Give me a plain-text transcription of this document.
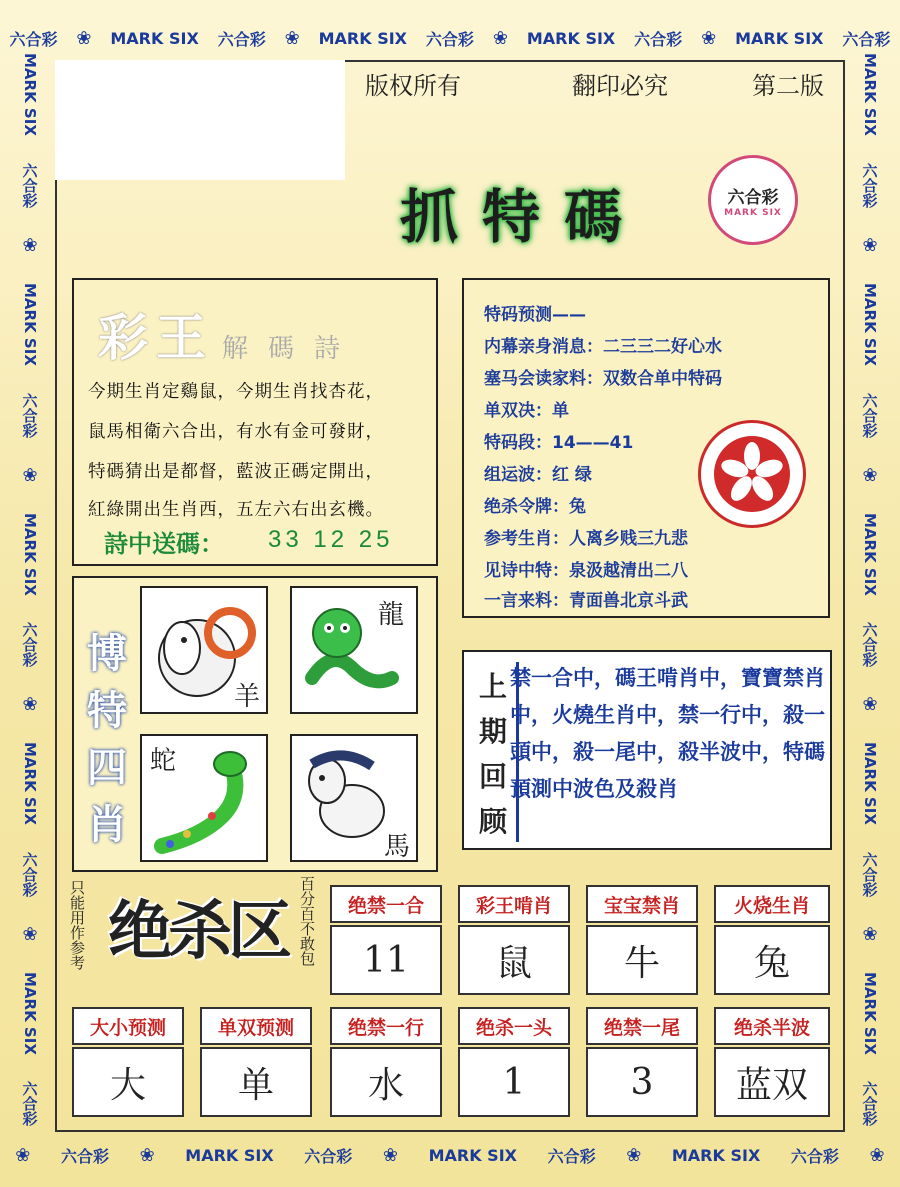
六合彩 ❀ MARK SIX 六合彩 ❀ MARK SIX 六合彩 ❀ MARK SIX 六合彩 ❀ MARK SIX 六合彩
❀ 六合彩 ❀ MARK SIX 六合彩 ❀ MARK SIX 六合彩 ❀ MARK SIX 六合彩 ❀
MARK SIX
六合彩
❀
MARK SIX
六合彩
❀
MARK SIX
六合彩
❀
MARK SIX
六合彩
❀
MARK SIX
六合彩
MARK SIX
六合彩
❀
MARK SIX
六合彩
❀
MARK SIX
六合彩
❀
MARK SIX
六合彩
❀
MARK SIX
六合彩
版权所有	翻印必究	第二版
抓特碼	六合彩
MARK SIX
彩王 解碼詩
今期生肖定鷄鼠，今期生肖找杏花，
鼠馬相衛六合出，有水有金可發財，
特碼猜出是都督，藍波正碼定開出，
紅綠開出生肖西，五左六右出玄機。
詩中送碼： 33 12 25
特码预测——
内幕亲身消息：二三三二好心水
塞马会读家料：双数合单中特码
单双决：单
特码段：14——41
组运波：红 绿
绝杀令牌：兔
参考生肖：人离乡贱三九悲
见诗中特：泉汲越清出二八
一言来料：青面兽北京斗武
博
特
四
肖
羊
龍
蛇
馬
上
期
回
顾
禁一合中，碼王啃肖中，寶寶禁肖中，火燒生肖中，禁一行中，殺一頭中，殺一尾中，殺半波中，特碼預測中波色及殺肖
只能用作参考 绝杀区 百分百不敢包	绝禁一合
11
彩王啃肖
鼠
宝宝禁肖
牛
火烧生肖
兔
大小预测
大
单双预测
单
绝禁一行
水
绝杀一头
1
绝禁一尾
3
绝杀半波
蓝双
